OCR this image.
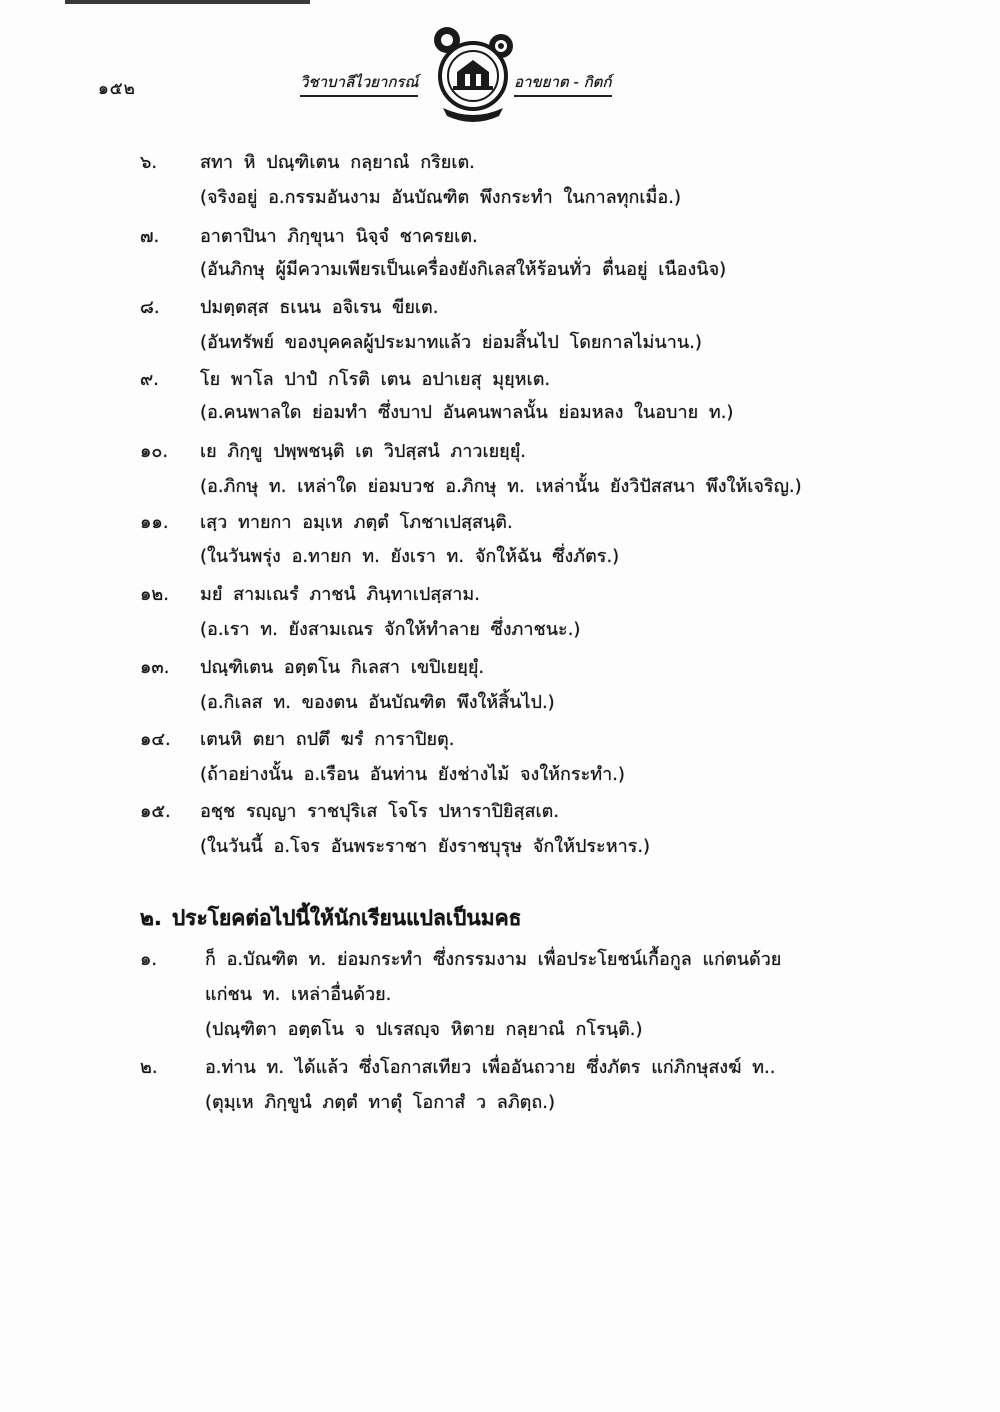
๑๕๒	วิชาบาลีไวยากรณ์	อาขยาต - กิตก์
๖. สทา หิ ปณฺฑิเตน กลฺยาณํ กริยเต.
(จริงอยู่ อ.กรรมอันงาม อันบัณฑิต พึงกระทำ ในกาลทุกเมื่อ.)
๗. อาตาปินา ภิกฺขุนา นิจฺจํ ชาครยเต.
(อันภิกษุ ผู้มีความเพียรเป็นเครื่องยังกิเลสให้ร้อนทั่ว ตื่นอยู่ เนืองนิจ)
๘. ปมตฺตสฺส ธเนน อจิเรน ขียเต.
(อันทรัพย์ ของบุคคลผู้ประมาทแล้ว ย่อมสิ้นไป โดยกาลไม่นาน.)
๙. โย พาโล ปาปํ กโรติ เตน อปาเยสุ มุยฺหเต.
(อ.คนพาลใด ย่อมทำ ซึ่งบาป อันคนพาลนั้น ย่อมหลง ในอบาย ท.)
๑๐. เย ภิกฺขู ปพฺพชนฺติ เต วิปสฺสนํ ภาวเยยฺยุํ.
(อ.ภิกษุ ท. เหล่าใด ย่อมบวช อ.ภิกษุ ท. เหล่านั้น ยังวิปัสสนา พึงให้เจริญ.)
๑๑. เสฺว ทายกา อมฺเห ภตฺตํ โภชาเปสฺสนฺติ.
(ในวันพรุ่ง อ.ทายก ท. ยังเรา ท. จักให้ฉัน ซึ่งภัตร.)
๑๒. มยํ สามเณรํ ภาชนํ ภินฺทาเปสฺสาม.
(อ.เรา ท. ยังสามเณร จักให้ทำลาย ซึ่งภาชนะ.)
๑๓. ปณฺฑิเตน อตฺตโน กิเลสา เขปิเยยฺยุํ.
(อ.กิเลส ท. ของตน อันบัณฑิต พึงให้สิ้นไป.)
๑๔. เตนหิ ตยา ถปตึ ฆรํ การาปิยตุ.
(ถ้าอย่างนั้น อ.เรือน อันท่าน ยังช่างไม้ จงให้กระทำ.)
๑๕. อชฺช รญฺญา ราชปุริเส โจโร ปหาราปิยิสฺสเต.
(ในวันนี้ อ.โจร อันพระราชา ยังราชบุรุษ จักให้ประหาร.)
๒. ประโยคต่อไปนี้ให้นักเรียนแปลเป็นมคธ
๑.	ก็ อ.บัณฑิต ท. ย่อมกระทำ ซึ่งกรรมงาม เพื่อประโยชน์เกื้อกูล แก่ตนด้วย
แก่ชน ท. เหล่าอื่นด้วย.
(ปณฺฑิตา อตฺตโน จ ปเรสญฺจ หิตาย กลฺยาณํ กโรนฺติ.)
๒.	อ.ท่าน ท. ได้แล้ว ซึ่งโอกาสเทียว เพื่ออันถวาย ซึ่งภัตร แก่ภิกษุสงฆ์ ท..
(ตุมฺเห ภิกฺขูนํ ภตฺตํ ทาตุํ โอกาสํ ว ลภิตฺถ.)
